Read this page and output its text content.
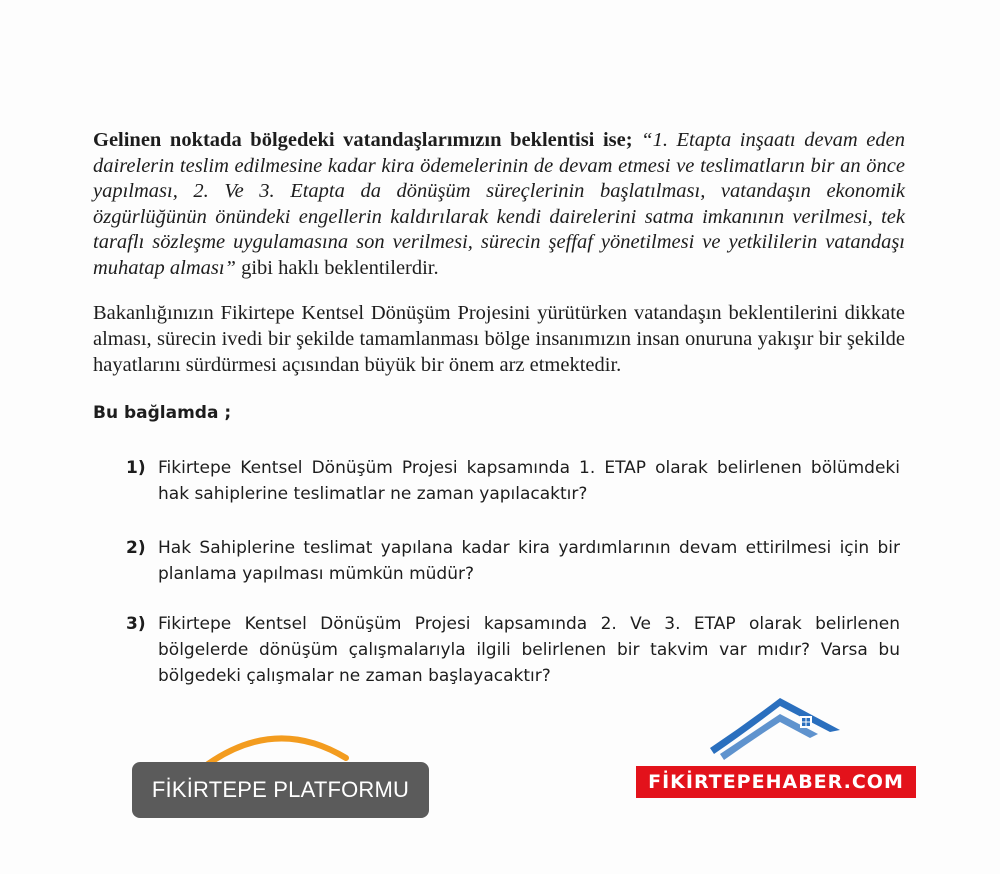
Gelinen noktada bölgedeki vatandaşlarımızın beklentisi ise; “1. Etapta inşaatı devam eden dairelerin teslim edilmesine kadar kira ödemelerinin de devam etmesi ve teslimatların bir an önce yapılması, 2. Ve 3. Etapta da dönüşüm süreçlerinin başlatılması, vatandaşın ekonomik özgürlüğünün önündeki engellerin kaldırılarak kendi dairelerini satma imkanının verilmesi, tek taraflı sözleşme uygulamasına son verilmesi, sürecin şeffaf yönetilmesi ve yetkililerin vatandaşı muhatap alması” gibi haklı beklentilerdir.

Bakanlığınızın Fikirtepe Kentsel Dönüşüm Projesini yürütürken vatandaşın beklentilerini dikkate alması, sürecin ivedi bir şekilde tamamlanması bölge insanımızın insan onuruna yakışır bir şekilde hayatlarını sürdürmesi açısından büyük bir önem arz etmektedir.

Bu bağlamda ;
1) Fikirtepe Kentsel Dönüşüm Projesi kapsamında 1. ETAP olarak belirlenen bölümdeki hak sahiplerine teslimatlar ne zaman yapılacaktır?
2) Hak Sahiplerine teslimat yapılana kadar kira yardımlarının devam ettirilmesi için bir planlama yapılması mümkün müdür?
3) Fikirtepe Kentsel Dönüşüm Projesi kapsamında 2. Ve 3. ETAP olarak belirlenen bölgelerde dönüşüm çalışmalarıyla ilgili belirlenen bir takvim var mıdır? Varsa bu bölgedeki çalışmalar ne zaman başlayacaktır?
FİKİRTEPE PLATFORMU	FİKİRTEPEHABER.COM
